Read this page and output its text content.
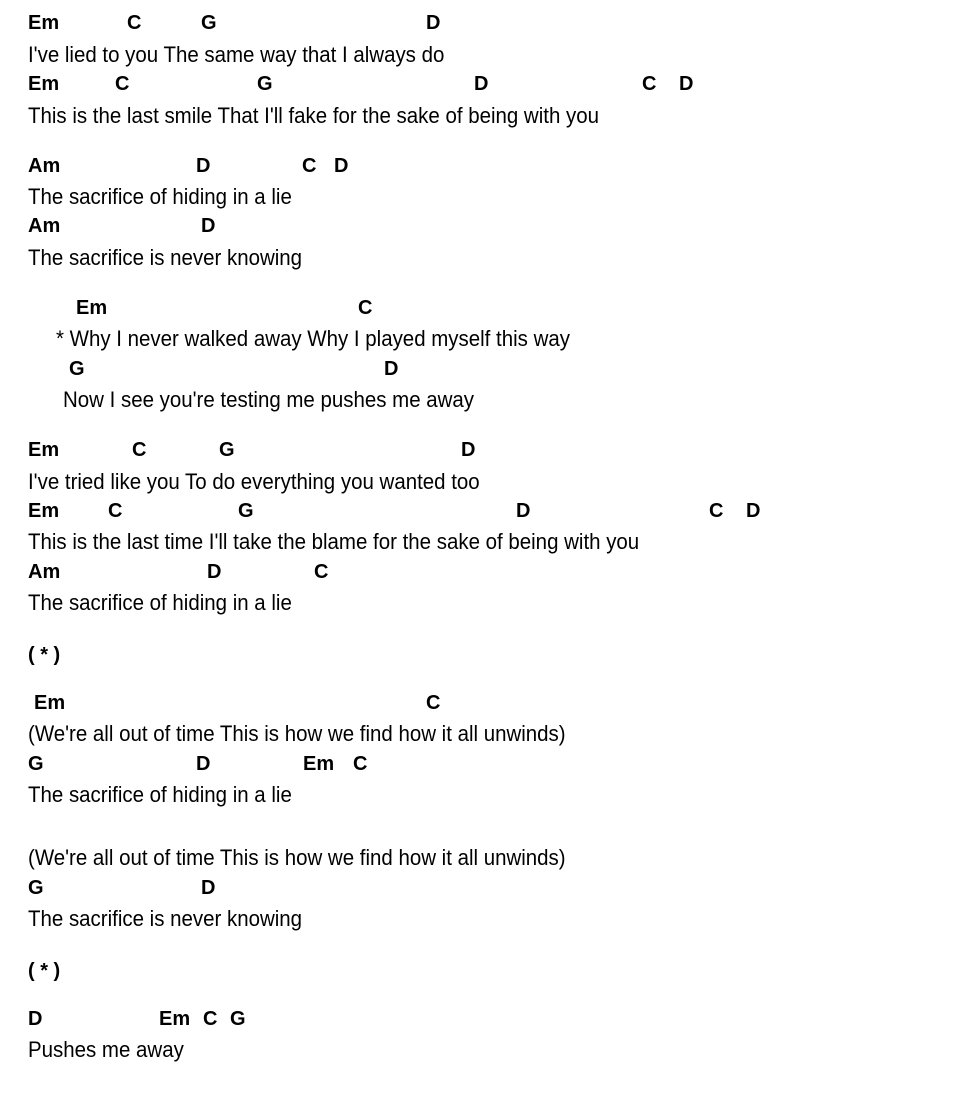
Em	C	G	D
I've lied to you The same way that I always do
Em	C	G	D	C D
This is the last smile That I'll fake for the sake of being with you
Am	D	C D
The sacrifice of hiding in a lie
Am	D
The sacrifice is never knowing
Em	C
* Why I never walked away Why I played myself this way
G	D
Now I see you're testing me pushes me away
Em	C	G	D
I've tried like you To do everything you wanted too
Em C	G	D	C D
This is the last time I'll take the blame for the sake of being with you
Am	D	C
The sacrifice of hiding in a lie
( * )
Em	C
(We're all out of time This is how we find how it all unwinds)
G	D	Em C
The sacrifice of hiding in a lie
(We're all out of time This is how we find how it all unwinds)
G	D
The sacrifice is never knowing
( * )
D	Em C G
Pushes me away
